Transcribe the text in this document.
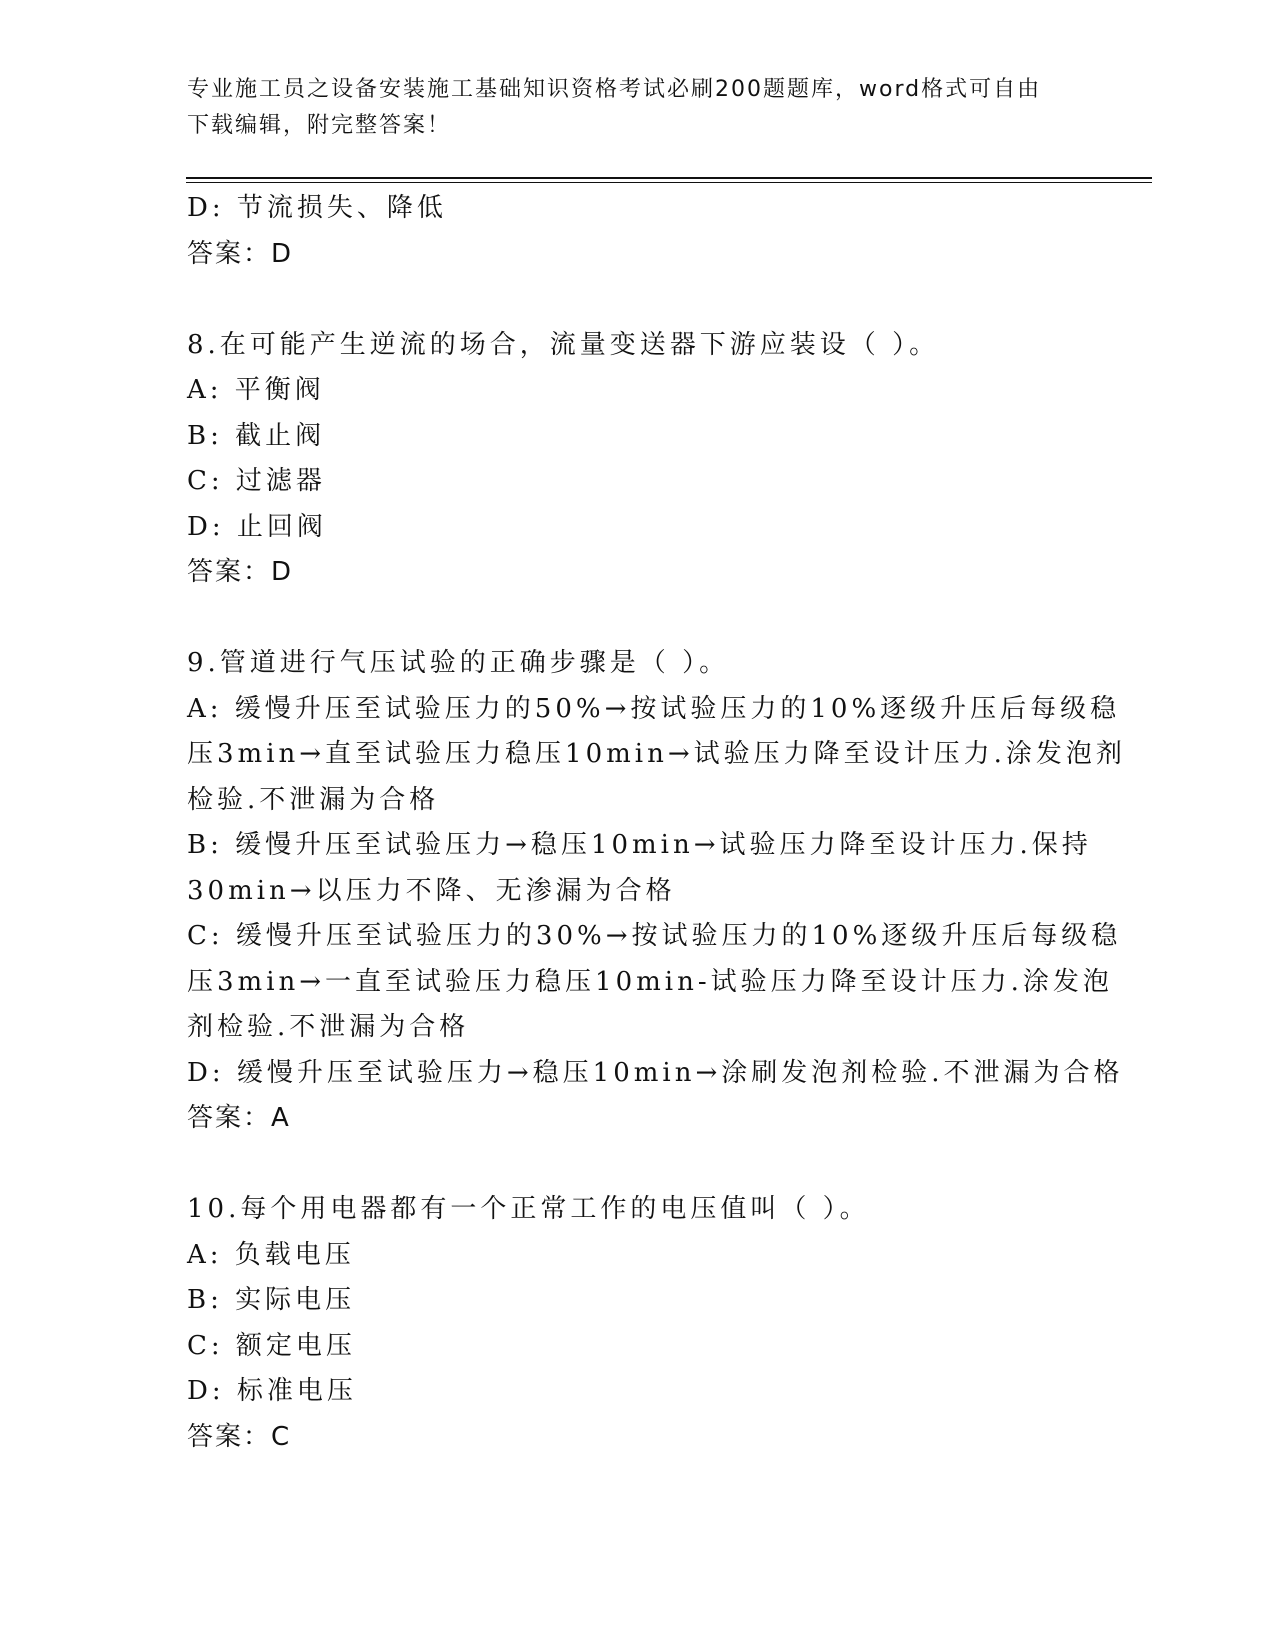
专业施工员之设备安装施工基础知识资格考试必刷200题题库，word格式可自由
下载编辑，附完整答案！
D: 节流损失、降低
答案：D
8.在可能产生逆流的场合，流量变送器下游应装设（ ）。
A: 平衡阀
B: 截止阀
C: 过滤器
D: 止回阀
答案：D
9.管道进行气压试验的正确步骤是（ ）。
A: 缓慢升压至试验压力的50%→按试验压力的10%逐级升压后每级稳
压3min→直至试验压力稳压10min→试验压力降至设计压力.涂发泡剂
检验.不泄漏为合格
B: 缓慢升压至试验压力→稳压10min→试验压力降至设计压力.保持
30min→以压力不降、无渗漏为合格
C: 缓慢升压至试验压力的30%→按试验压力的10%逐级升压后每级稳
压3min→一直至试验压力稳压10min-试验压力降至设计压力.涂发泡
剂检验.不泄漏为合格
D: 缓慢升压至试验压力→稳压10min→涂刷发泡剂检验.不泄漏为合格
答案：A
10.每个用电器都有一个正常工作的电压值叫（ ）。
A: 负载电压
B: 实际电压
C: 额定电压
D: 标准电压
答案：C
